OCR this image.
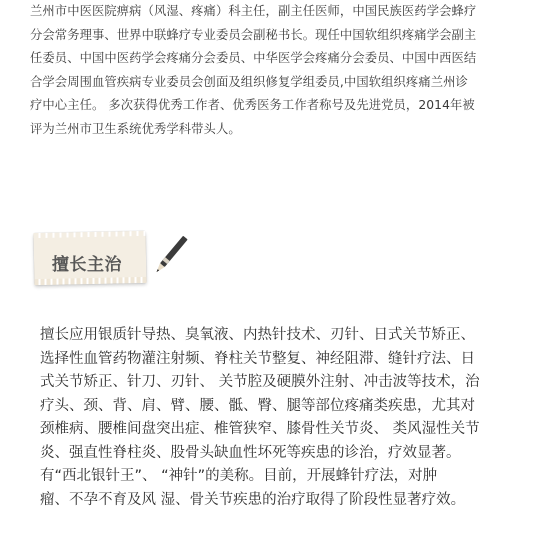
兰州市中医医院痹病（风湿、疼痛）科主任，副主任医师，中国民族医药学会蜂疗
分会常务理事、世界中联蜂疗专业委员会副秘书长。现任中国软组织疼痛学会副主
任委员、中国中医药学会疼痛分会委员、中华医学会疼痛分会委员、中国中西医结
合学会周围血管疾病专业委员会创面及组织修复学组委员,中国软组织疼痛兰州诊
疗中心主任。 多次获得优秀工作者、优秀医务工作者称号及先进党员，2014年被
评为兰州市卫生系统优秀学科带头人。
擅长主治
擅长应用银质针导热、臭氧液、内热针技术、刃针、日式关节矫正、
选择性血管药物灌注射频、脊柱关节整复、神经阻滞、缝针疗法、日
式关节矫正、针刀、刃针、 关节腔及硬膜外注射、冲击波等技术，治
疗头、颈、背、肩、臂、腰、骶、臀、腿等部位疼痛类疾患，尤其对
颈椎病、腰椎间盘突出症、椎管狭窄、膝骨性关节炎、 类风湿性关节
炎、强直性脊柱炎、股骨头缺血性坏死等疾患的诊治，疗效显著。
有“西北银针王”、 “神针”的美称。目前，开展蜂针疗法，对肿
瘤、不孕不育及风 湿、骨关节疾患的治疗取得了阶段性显著疗效。
